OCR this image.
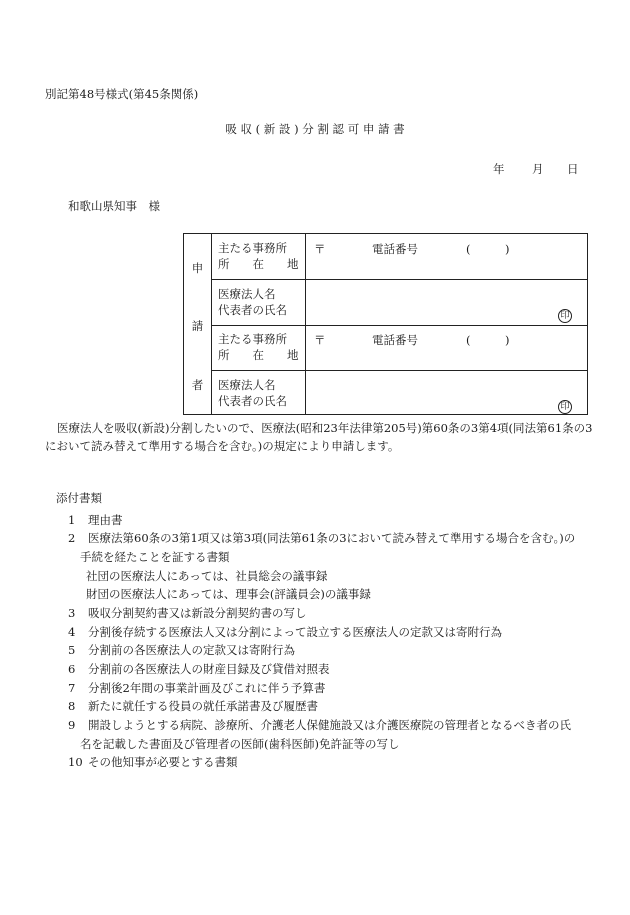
別記第48号様式(第45条関係)
吸 収 ( 新 設 ) 分 割 認 可 申 請 書
年 月 日
和歌山県知事　様
申
請
者
主たる事務所
所　　在　　地
〒	電話番号	(　　　)
医療法人名
代表者の氏名	印
主たる事務所
所　　在　　地
〒	電話番号	(　　　)
医療法人名
代表者の氏名	印
医療法人を吸収(新設)分割したいので、医療法(昭和23年法律第205号)第60条の3第4項(同法第61条の3において読み替えて準用する場合を含む。)の規定により申請します。
添付書類
1 理由書
2 医療法第60条の3第1項又は第3項(同法第61条の3において読み替えて準用する場合を含む。)の
手続を経たことを証する書類
社団の医療法人にあっては、社員総会の議事録
財団の医療法人にあっては、理事会(評議員会)の議事録
3 吸収分割契約書又は新設分割契約書の写し
4 分割後存続する医療法人又は分割によって設立する医療法人の定款又は寄附行為
5 分割前の各医療法人の定款又は寄附行為
6 分割前の各医療法人の財産目録及び貸借対照表
7 分割後2年間の事業計画及びこれに伴う予算書
8 新たに就任する役員の就任承諾書及び履歴書
9 開設しようとする病院、診療所、介護老人保健施設又は介護医療院の管理者となるべき者の氏
名を記載した書面及び管理者の医師(歯科医師)免許証等の写し
10 その他知事が必要とする書類
